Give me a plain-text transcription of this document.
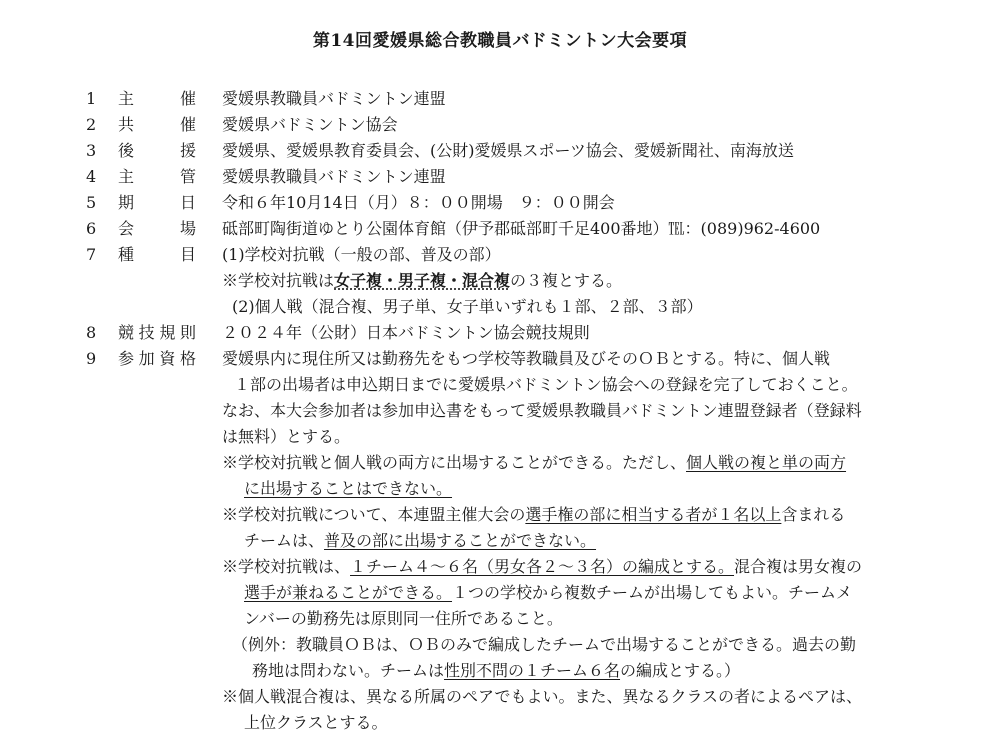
第14回愛媛県総合教職員バドミントン大会要項
1 主　催 愛媛県教職員バドミントン連盟
2 共　催 愛媛県バドミントン協会
3 後　援 愛媛県、愛媛県教育委員会、(公財)愛媛県スポーツ協会、愛媛新聞社、南海放送
4 主　管 愛媛県教職員バドミントン連盟
5 期　日 令和６年10月14日（月）８：００開場　９：００開会
6 会　場 砥部町陶街道ゆとり公園体育館（伊予郡砥部町千足400番地）℡：(089)962-4600
7 種　目 (1)学校対抗戦（一般の部、普及の部）
※学校対抗戦は女子複・男子複・混合複の３複とする。
(2)個人戦（混合複、男子単、女子単いずれも１部、２部、３部）
8 競技規則 ２０２４年（公財）日本バドミントン協会競技規則
9 参加資格 愛媛県内に現住所又は勤務先をもつ学校等教職員及びそのＯＢとする。特に、個人戦
１部の出場者は申込期日までに愛媛県バドミントン協会への登録を完了しておくこと。
なお、本大会参加者は参加申込書をもって愛媛県教職員バドミントン連盟登録者（登録料
は無料）とする。
※学校対抗戦と個人戦の両方に出場することができる。ただし、個人戦の複と単の両方
に出場することはできない。
※学校対抗戦について、本連盟主催大会の選手権の部に相当する者が１名以上含まれる
チームは、普及の部に出場することができない。
※学校対抗戦は、１チーム４～６名（男女各２～３名）の編成とする。混合複は男女複の
選手が兼ねることができる。１つの学校から複数チームが出場してもよい。チームメ
ンバーの勤務先は原則同一住所であること。
（例外：教職員ＯＢは、ＯＢのみで編成したチームで出場することができる。過去の勤
務地は問わない。チームは性別不問の１チーム６名の編成とする。）
※個人戦混合複は、異なる所属のペアでもよい。また、異なるクラスの者によるペアは、
上位クラスとする。
